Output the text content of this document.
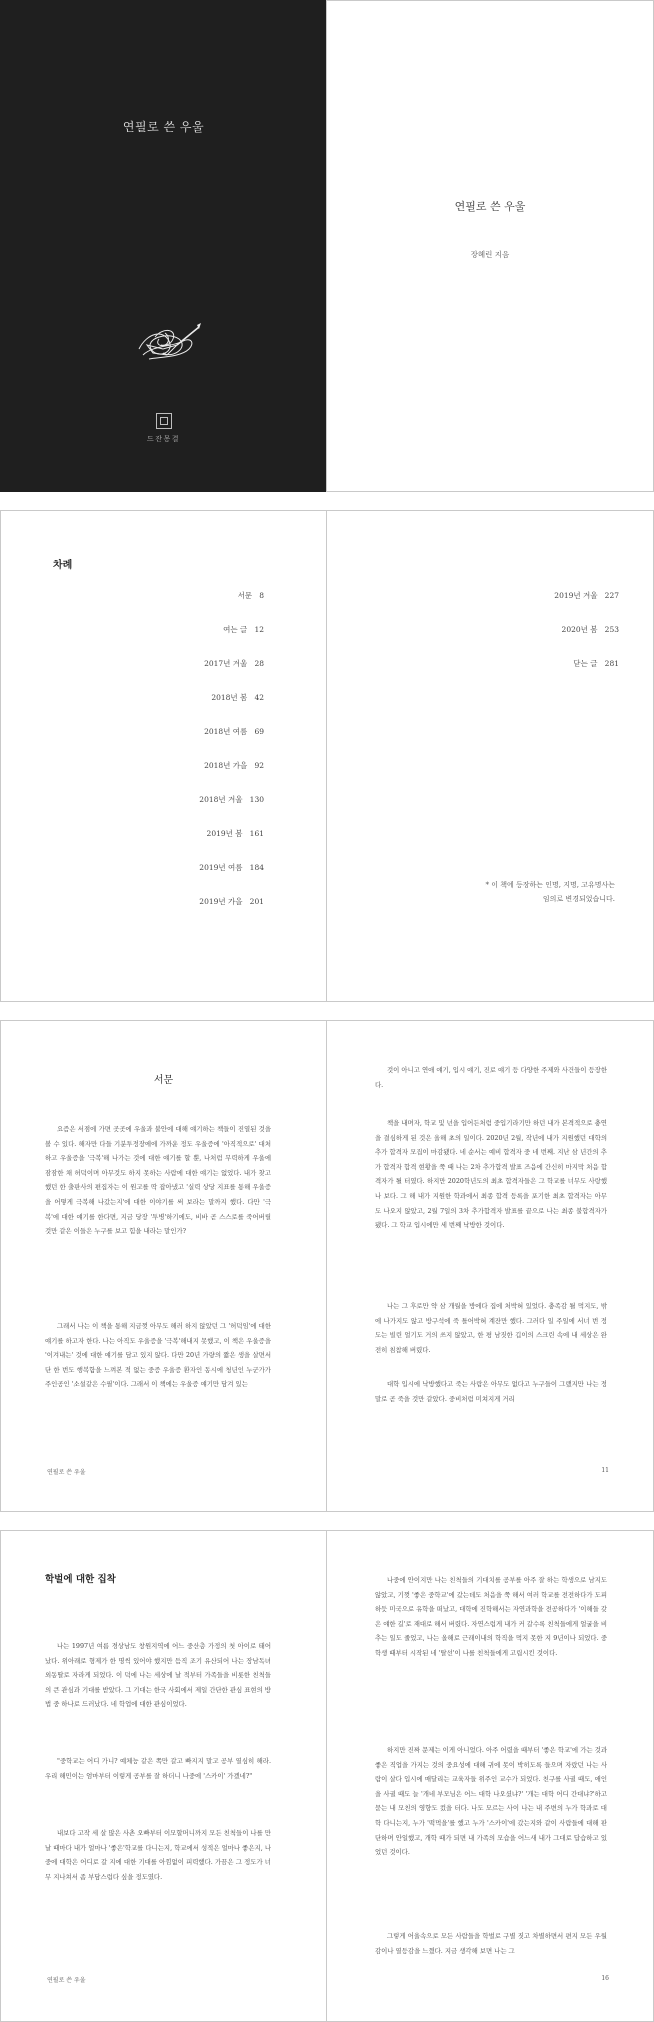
연필로 쓴 우울
드잔몽결
연필로 쓴 우울
장혜린 지음
차례
서문 8
여는 글 12
2017년 겨울 28
2018년 봄 42
2018년 여름 69
2018년 가을 92
2018년 겨울 130
2019년 봄 161
2019년 여름 184
2019년 가을 201
2019년 겨울 227
2020년 봄 253
닫는 글 281
* 이 책에 등장하는 인명, 지명, 고유명사는
임의로 변경되었습니다.
서문
요즘은 서점에 가면 곳곳에 우울과 불안에 대해 얘기하는 책들이 진열된 것을 볼 수 있다. 해자만 다들 기분투정장에에 가까운 정도 우울증에 '아직적으로' 대처하고 우울증을 '극복'해 나가는 것에 대한 얘기를 할 뿐, 나처럼 무력하게 우울에 잠잠한 채 허덕이며 아무것도 하지 못하는 사람에 대한 얘기는 없었다. 내가 찾고했던 한 출판사의 편집자는 이 원고를 딱 잡아냈고 '실력 상당 지표를 통해 우울증을 어떻게 극복해 나갔는지'에 대한 이야기를 써 보라는 말까지 했다. 다만 '극복'에 대한 얘기를 한다면, 지금 당장 '투병'하기에도, 비바 곧 스스로를 죽어버릴 것만 같은 이들은 누구를 보고 힘을 내라는 말인가?
그래서 나는 이 책을 통해 지금껏 아무도 해러 하지 않았던 그 '허덕임'에 대한 얘기를 하고자 한다. 나는 아직도 우울증을 '극복'해내지 못했고, 이 책은 우울증을 '이겨내는' 것에 대한 얘기를 담고 있지 않다. 다만 20년 가량의 짧은 생을 살면서 단 한 번도 행복함을 느껴본 적 없는 중증 우울증 환자인 동시에 청년인 누군가가 주인공인 '소설같은 수필'이다. 그래서 이 책에는 우울증 얘기만 담겨 있는
연필로 쓴 우울
것이 아니고 연애 얘기, 입시 얘기, 진로 얘기 등 다양한 주제와 사건들이 등장한다.
책을 내며자, 학교 및 넌을 입어든처럼 중입기라기만 하던 내가 본격적으로 충연을 결심하게 된 것은 올해 초의 일이다. 2020년 2월, 작년에 내가 지원했던 대학의 추가 합격자 모집이 마감됐다. 네 순서는 예비 합격자 중 네 번째. 지난 삼 년간의 추가 합격자 합격 현황을 쭉 때 나는 2차 추가합격 발표 즈음에 간신히 마지막 처음 합격자가 될 터였다. 하지만 2020학년도의 최초 합격자들은 그 학교를 너무도 사랑했나 보다. 그 해 내가 지원한 학과에서 최종 합격 등록을 포기한 최초 합격자는 아무도 나오지 않았고, 2월 7일의 3차 추가합격자 발표를 끝으로 나는 최종 불합격자가 됐다. 그 학교 입시에만 세 번째 낙방한 것이다.
나는 그 후로만 약 삼 개월을 방에다 집에 처박혀 있었다. 충족감 될 먹지도, 밖에 나가지도 않고 방구석에 죽 틀어박혀 계잔만 했다. 그러다 일 주일에 서너 번 정도는 빌린 얼기도 거의 쓰지 않았고, 한 평 남짓한 깁이의 스크린 속에 내 세상은 완전히 침참해 버렸다.
대학 입시에 낙방했다고 죽는 사람은 아무도 없다고 누구들이 그랬지만 나는 정말로 곧 죽을 것만 같았다. 중비처럼 미쳐지게 거리
11
학벌에 대한 집착
나는 1997년 여름 경상남도 창원지역에 어느 중산층 가정의 첫 아이로 태어났다. 위아래로 형제가 한 명씩 있어야 했지만 듬직 조기 유산되어 나는 장남독녀 외동딸로 자라게 되었다. 이 덕에 나는 세상에 날 적부터 가족들을 비롯한 친척들의 큰 관심과 기대를 받았다. 그 기대는 한국 사회에서 제일 간단한 관심 표현의 방법 중 하나로 드러났다. 네 학업에 대한 관심이었다.
"중학교는 어디 가니? 예체능 같은 쪽만 갈고 빠지지 말고 공부 열심히 해라. 우리 해민이는 엄마부터 이렇게 공부를 잘 하더니 나중에 '스카이' 가겠네?"
내보다 고작 세 살 많은 사촌 오빠부터 이모할머니까지 모든 친척들이 나를 만날 때마다 내가 얼마나 '좋은'학교를 다니는지, 학교에서 성적은 얼마나 좋은지, 나중에 대학은 어디로 갈 지에 대한 기대를 아낌없이 피력했다. 가끔은 그 정도가 너무 지나쳐서 좀 부담스럽다 싶을 정도였다.
연필로 쓴 우울
나중에 안이지만 나는 친척들의 기대치를 공부를 아주 잘 하는 학생으로 남지도 않았고, 기껏 '좋은 중학교'에 갔는데도 처음을 쭉 해서 여러 학교를 전전하다가 도피하듯 미국으로 유학을 떠났고, 대학에 진학해서는 자연과학을 전공하다가 '이해들 갖은 얘한 길'로 재대로 해서 버렸다. 자연스럽게 내가 커 갈수록 친척들에게 얼굴을 비추는 일도 줄었고, 나는 올해로 근래이내의 학직을 먹지 못한 지 9년이나 되었다. 중학생 때부터 시작된 네 '탈선'이 나를 친척들에게 고립시킨 것이다.
하지만 진짜 문제는 이게 아니었다. 아주 어렸을 때부터 '좋은 학교'에 가는 것과 좋은 직업을 가지는 것의 중요성에 대해 귀에 못이 박히도록 들으며 자랐던 나는 사람이 살다 입시에 매달리는 교육자들 위주인 교수가 되었다. 친구를 사귈 때도, 애인을 사귈 때도 늘 '개네 부모님은 어느 대학 나오셨냐?' '개는 대학 어디 간대냐?'하고 묻는 내 모친의 영향도 컸을 터다. 나도 모르는 사이 나는 내 주변의 누가 학과로 대학 다니는지, 누가 '떡먹을'를 했고 누가 '스카이'에 갔는지와 같이 사람들에 대해 판단하며 안일했고, 개학 때가 되면 내 가족의 모습을 어느새 내가 그대로 답습하고 있었던 것이다.
그렇게 어울속으로 모든 사람들을 학벌로 구별 짓고 차별하면서 편지 모든 우월감이나 열등감을 느꼈다. 지금 생각해 보면 나는 그
16
